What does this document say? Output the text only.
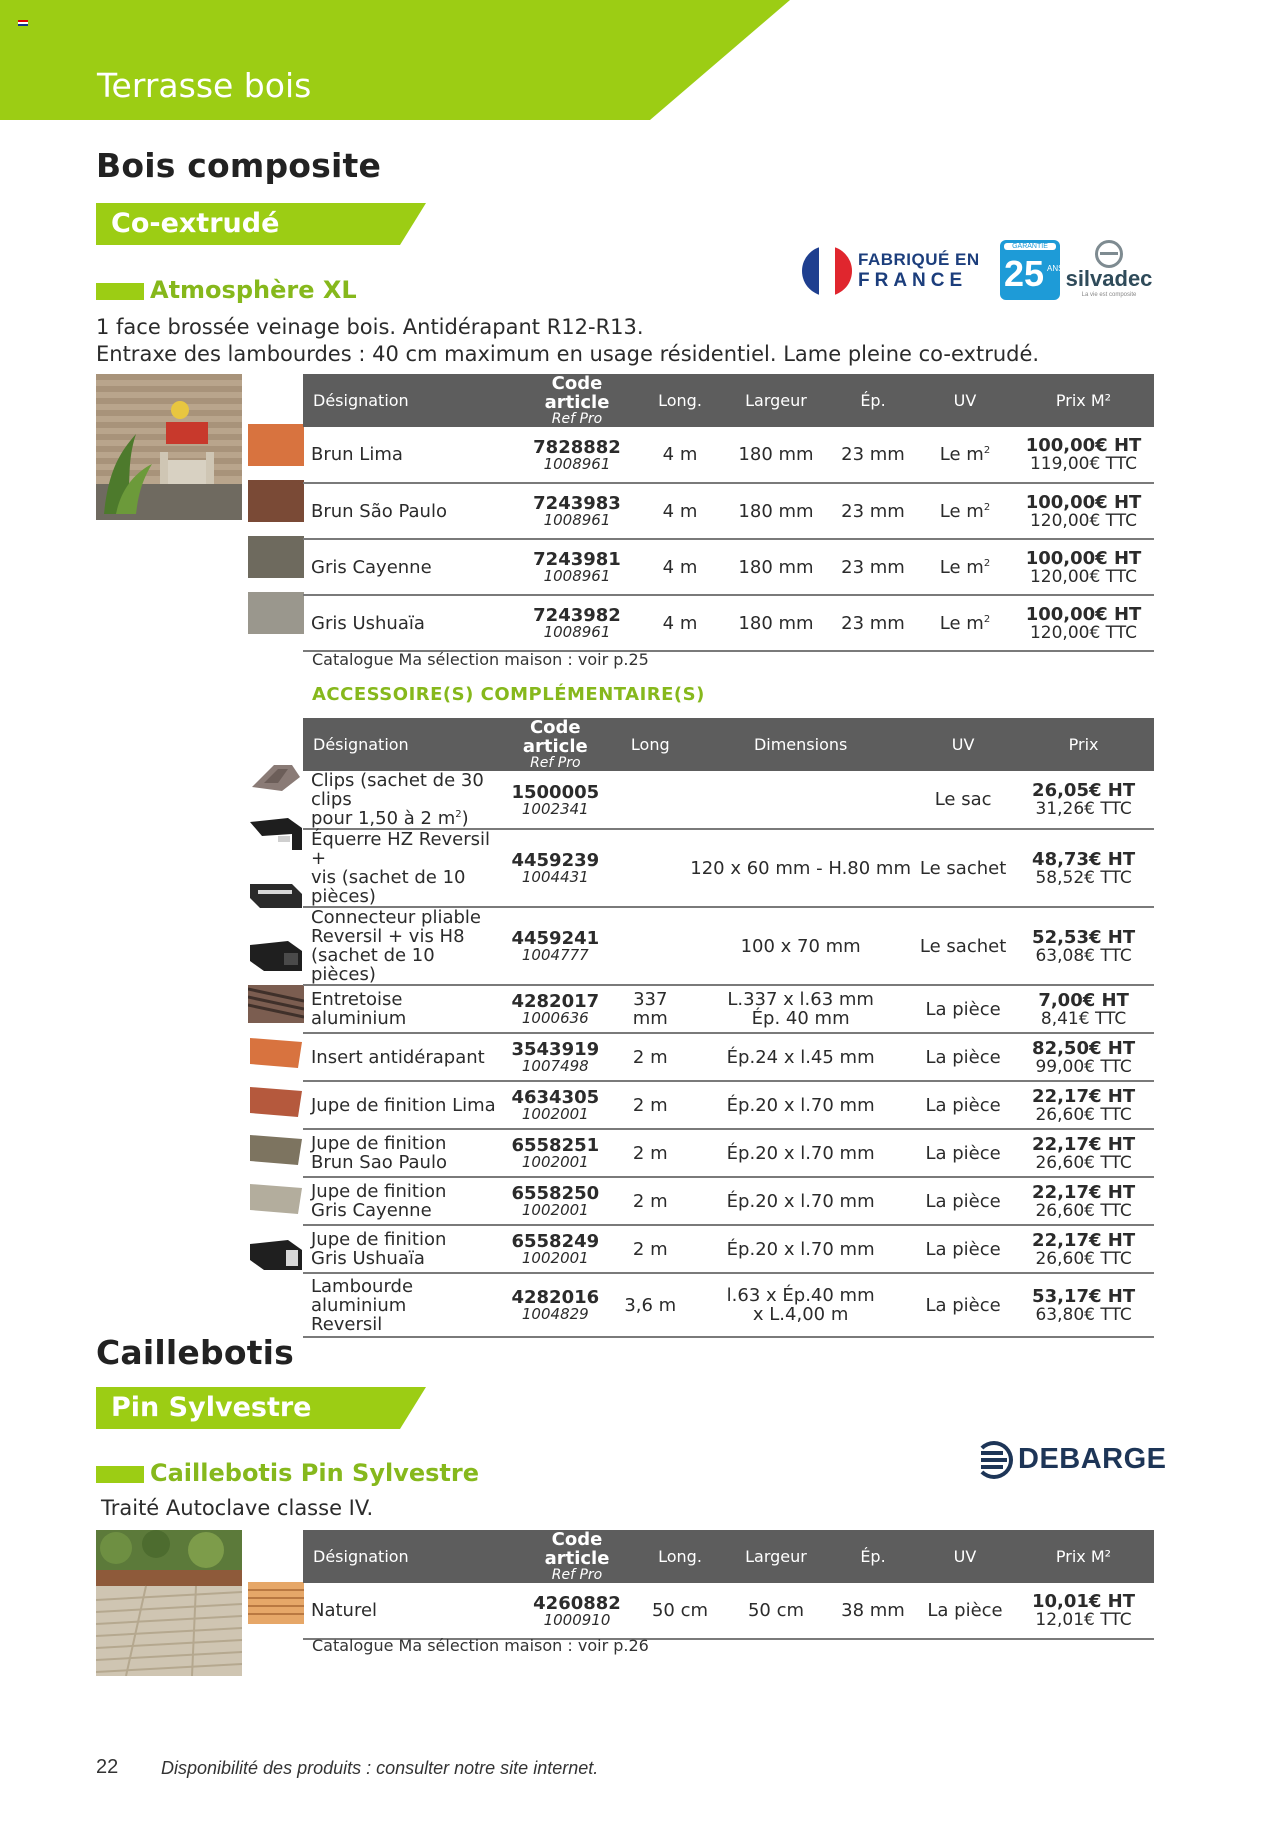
Terrasse bois
Bois composite
Co-extrudé
Atmosphère XL
FABRIQUÉ EN
FRANCE
GARANTIE
25 ANS silvadec
La vie est composite
1 face brossée veinage bois. Antidérapant R12-R13.
Entraxe des lambourdes : 40 cm maximum en usage résidentiel. Lame pleine co-extrudé.
Désignation	Code article
Ref Pro	Long.	Largeur	Ép.	UV	Prix M²
Brun Lima	7828882
1008961	4 m	180 mm	23 mm	Le $m^2$	100,00€ HT
119,00€ TTC

Brun São Paulo	7243983
1008961	4 m	180 mm	23 mm	Le $m^2$	100,00€ HT
120,00€ TTC

Gris Cayenne	7243981
1008961	4 m	180 mm	23 mm	Le $m^2$	100,00€ HT
120,00€ TTC

Gris Ushuaïa	7243982
1008961	4 m	180 mm	23 mm	Le $m^2$	100,00€ HT
120,00€ TTC
Catalogue Ma sélection maison : voir p.25
ACCESSOIRE(S) COMPLÉMENTAIRE(S)
Désignation	Code article
Ref Pro	Long	Dimensions	UV	Prix

Clips (sachet de 30 clips
pour 1,50 à 2 $m^2$)	1500005
1002341			Le sac	26,05€ HT
31,26€ TTC

Équerre HZ Reversil +
vis (sachet de 10 pièces)	4459239
1004431		120 x 60 mm - H.80 mm	Le sachet	48,73€ HT
58,52€ TTC

Connecteur pliable
Reversil + vis H8
(sachet de 10 pièces)	4459241
1004777		100 x 70 mm	Le sachet	52,53€ HT
63,08€ TTC

Entretoise aluminium	4282017
1000636	337 mm	L.337 x l.63 mm
Ép. 40 mm	La pièce	7,00€ HT
8,41€ TTC

Insert antidérapant	3543919
1007498	2 m	Ép.24 x l.45 mm	La pièce	82,50€ HT
99,00€ TTC

Jupe de finition Lima	4634305
1002001	2 m	Ép.20 x l.70 mm	La pièce	22,17€ HT
26,60€ TTC

Jupe de finition
Brun Sao Paulo	6558251
1002001	2 m	Ép.20 x l.70 mm	La pièce	22,17€ HT
26,60€ TTC

Jupe de finition
Gris Cayenne	6558250
1002001	2 m	Ép.20 x l.70 mm	La pièce	22,17€ HT
26,60€ TTC

Jupe de finition
Gris Ushuaïa	6558249
1002001	2 m	Ép.20 x l.70 mm	La pièce	22,17€ HT
26,60€ TTC

Lambourde aluminium
Reversil	4282016
1004829	3,6 m	l.63 x Ép.40 mm
x L.4,00 m	La pièce	53,17€ HT
63,80€ TTC
Caillebotis
Pin Sylvestre
Caillebotis Pin Sylvestre
Traité Autoclave classe IV.
DEBARGE
Désignation	Code article
Ref Pro	Long.	Largeur	Ép.	UV	Prix M²
Naturel	4260882
1000910	50 cm	50 cm	38 mm	La pièce	10,01€ HT
12,01€ TTC
Catalogue Ma sélection maison : voir p.26
22 Disponibilité des produits : consulter notre site internet.
